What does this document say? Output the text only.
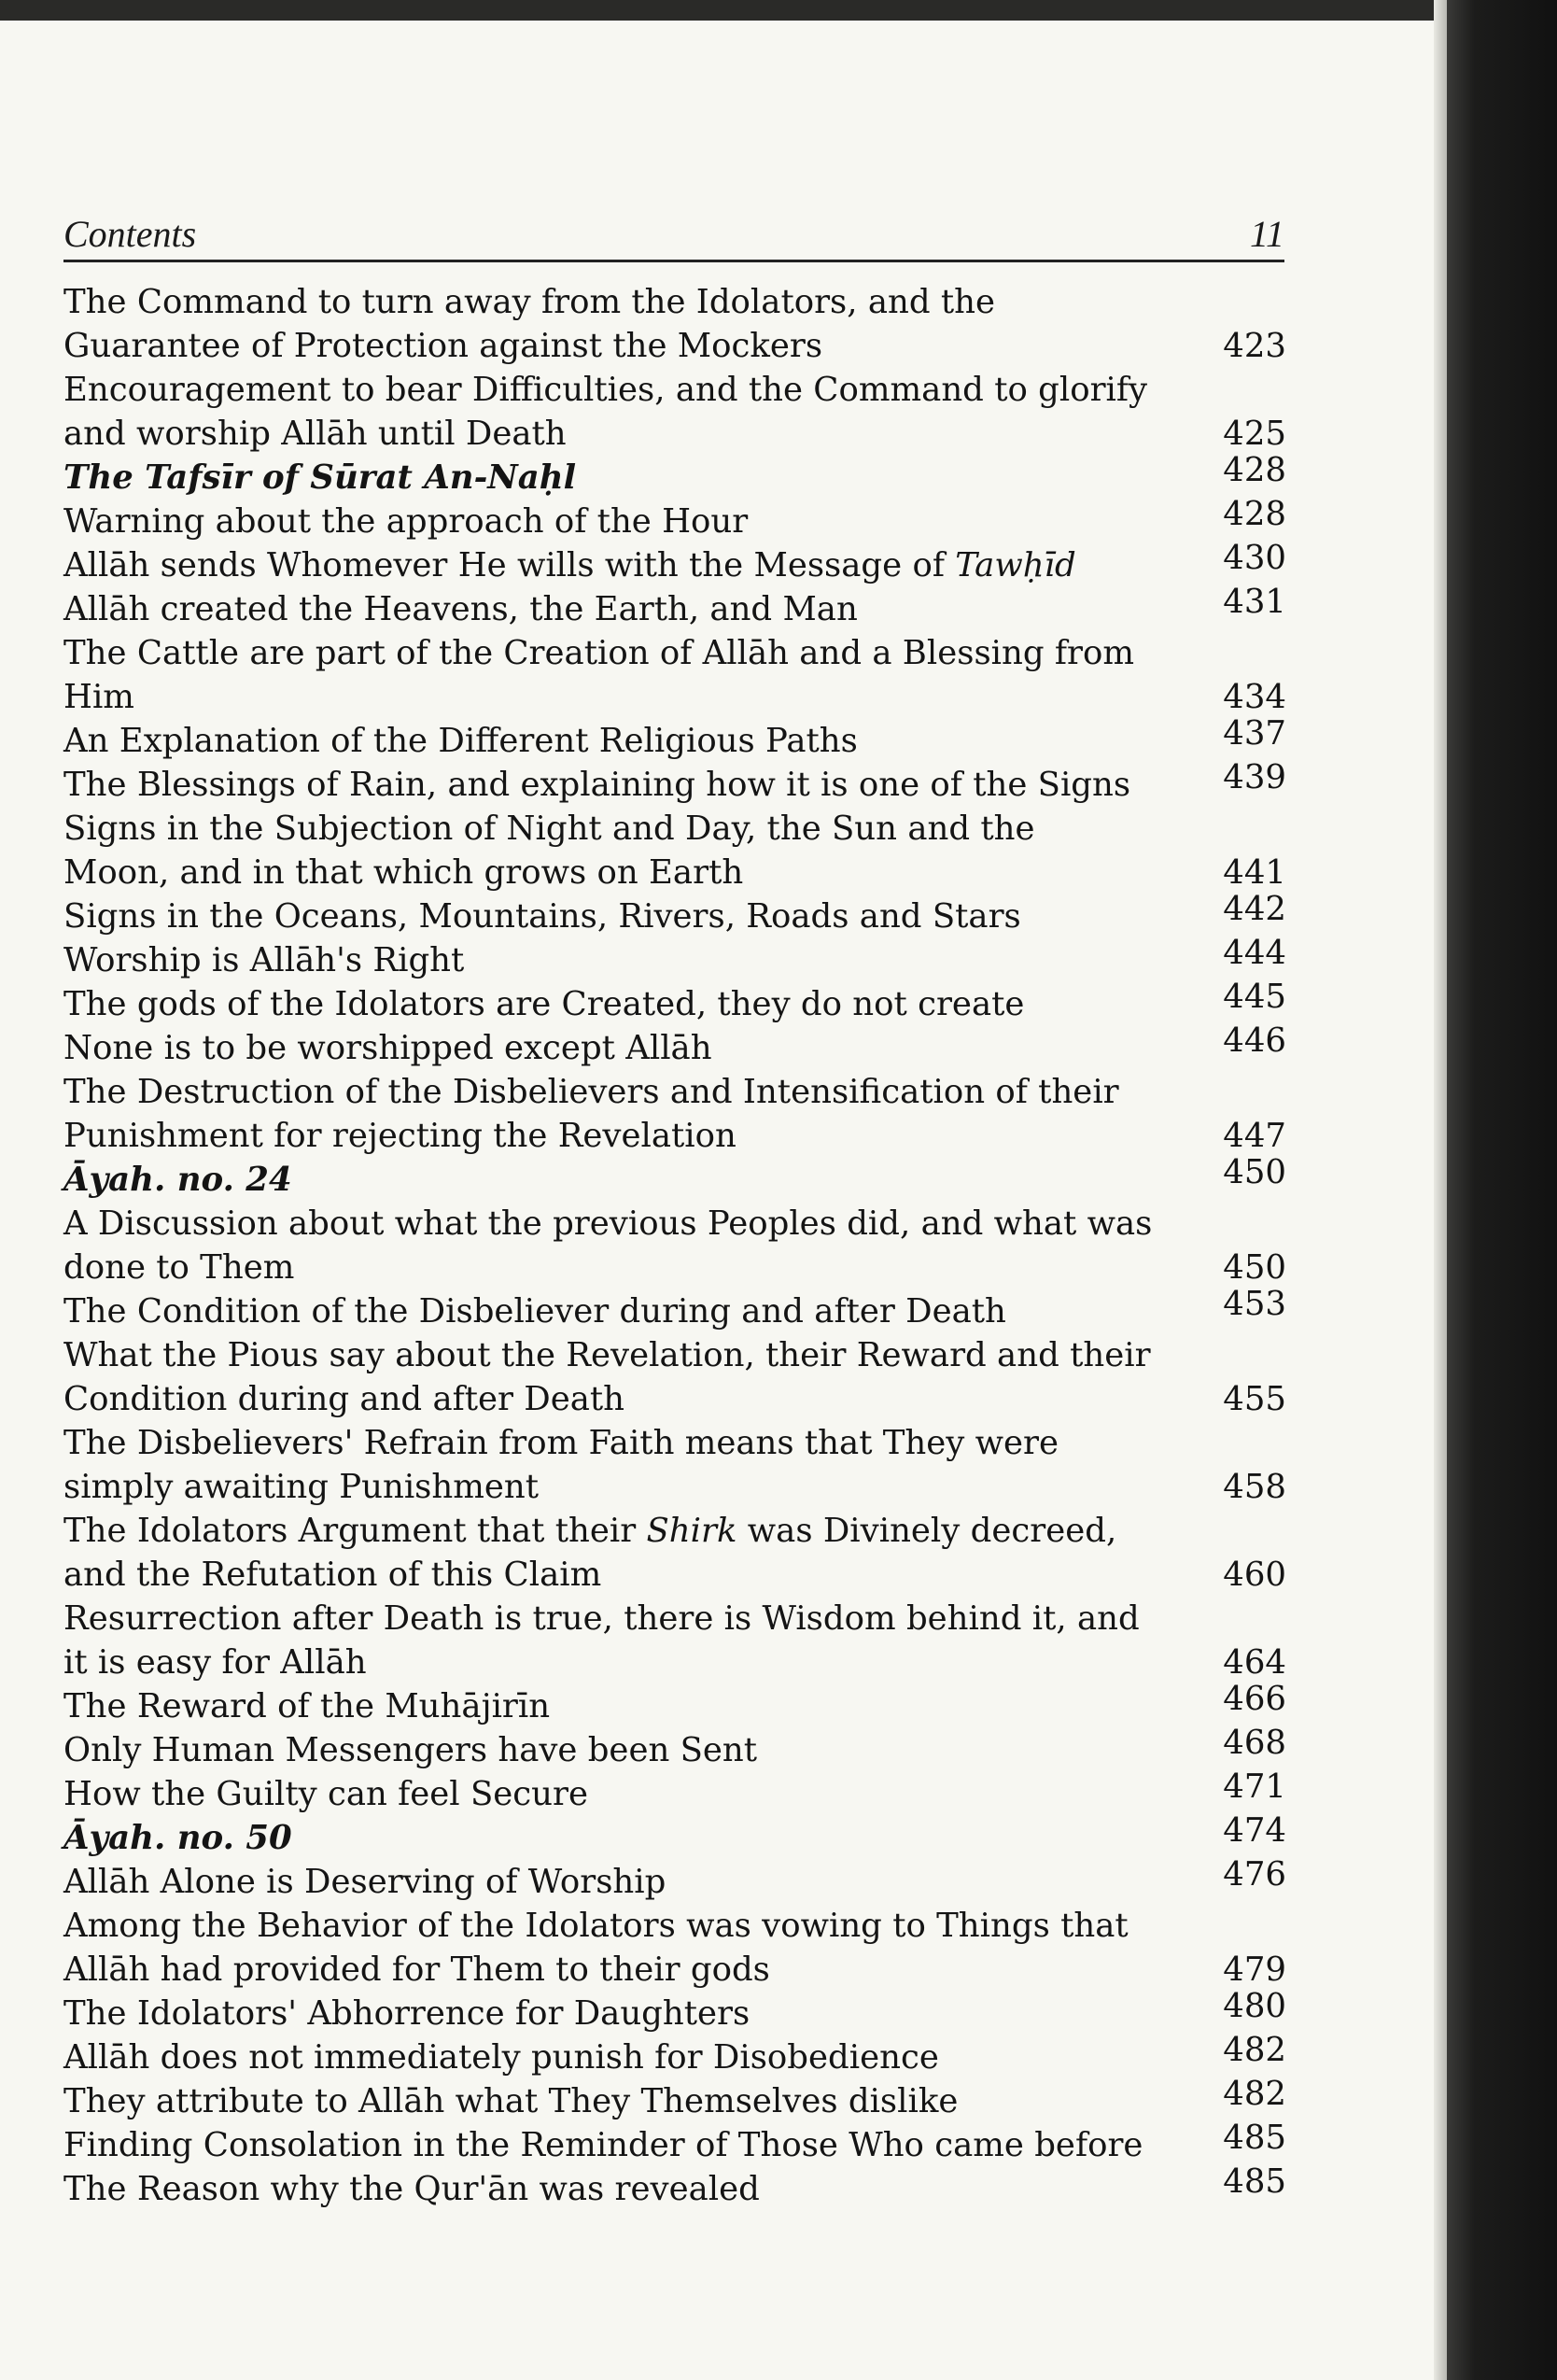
Contents	11
The Command to turn away from the Idolators, and the
Guarantee of Protection against the Mockers	423
Encouragement to bear Difficulties, and the Command to glorify
and worship Allāh until Death	425
The Tafsīr of Sūrat An-Naḥl	428
Warning about the approach of the Hour	428
Allāh sends Whomever He wills with the Message of Tawḥīd	430
Allāh created the Heavens, the Earth, and Man	431
The Cattle are part of the Creation of Allāh and a Blessing from
Him	434
An Explanation of the Different Religious Paths	437
The Blessings of Rain, and explaining how it is one of the Signs	439
Signs in the Subjection of Night and Day, the Sun and the
Moon, and in that which grows on Earth	441
Signs in the Oceans, Mountains, Rivers, Roads and Stars	442
Worship is Allāh's Right	444
The gods of the Idolators are Created, they do not create	445
None is to be worshipped except Allāh	446
The Destruction of the Disbelievers and Intensification of their
Punishment for rejecting the Revelation	447
Āyah. no. 24	450
A Discussion about what the previous Peoples did, and what was
done to Them	450
The Condition of the Disbeliever during and after Death	453
What the Pious say about the Revelation, their Reward and their
Condition during and after Death	455
The Disbelievers' Refrain from Faith means that They were
simply awaiting Punishment	458
The Idolators Argument that their Shirk was Divinely decreed,
and the Refutation of this Claim	460
Resurrection after Death is true, there is Wisdom behind it, and
it is easy for Allāh	464
The Reward of the Muhājirīn	466
Only Human Messengers have been Sent	468
How the Guilty can feel Secure	471
Āyah. no. 50	474
Allāh Alone is Deserving of Worship	476
Among the Behavior of the Idolators was vowing to Things that
Allāh had provided for Them to their gods	479
The Idolators' Abhorrence for Daughters	480
Allāh does not immediately punish for Disobedience	482
They attribute to Allāh what They Themselves dislike	482
Finding Consolation in the Reminder of Those Who came before	485
The Reason why the Qur'ān was revealed	485
